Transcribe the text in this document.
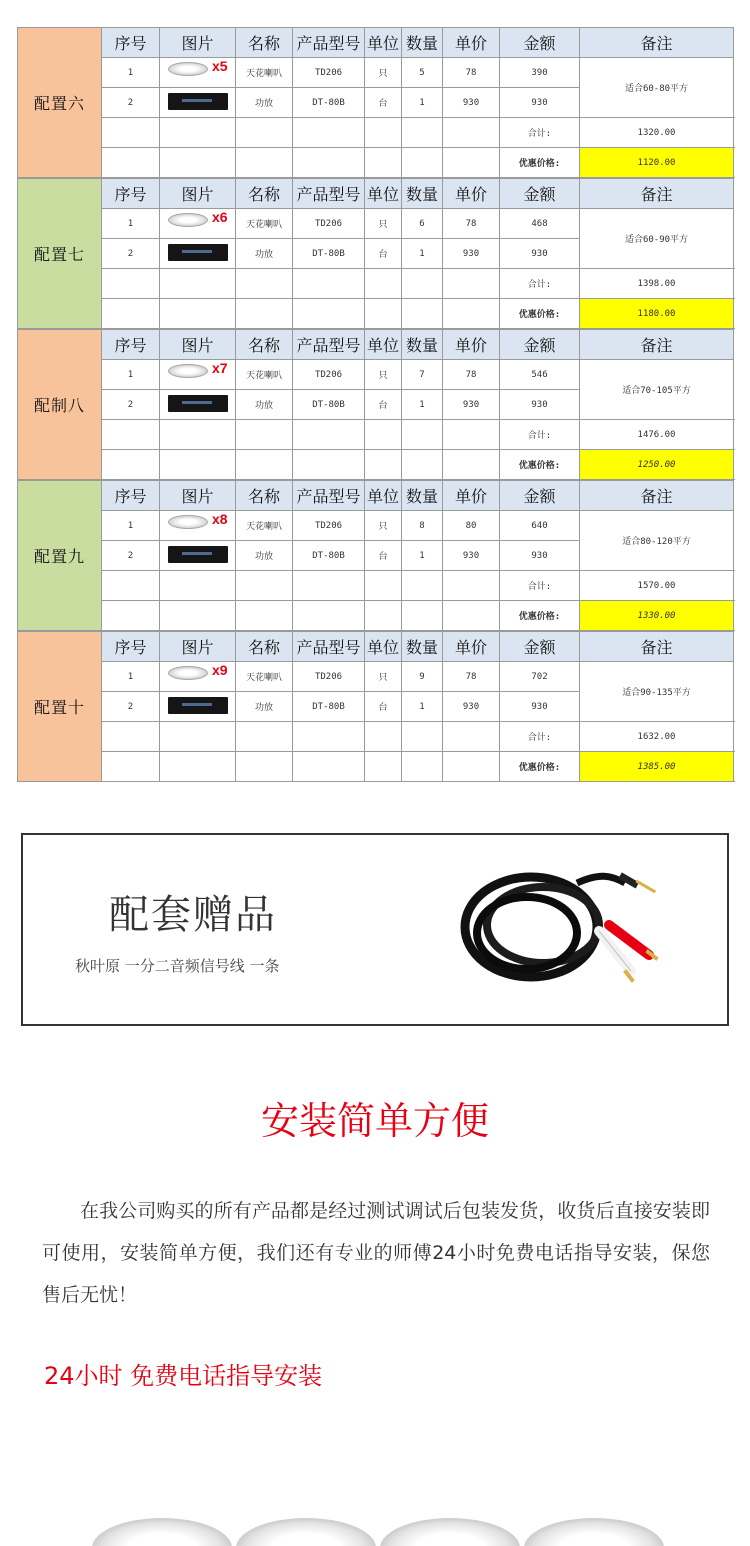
配置六	序号	图片	名称	产品型号	单位	数量	单价	金额	备注
	1	x5	天花喇叭	TD206	只	5	78	390	适合60-80平方
	2		功放	DT-80B	台	1	930	930	
								合计:	1320.00
								优惠价格:	1120.00
配置七	序号	图片	名称	产品型号	单位	数量	单价	金额	备注
	1	x6	天花喇叭	TD206	只	6	78	468	适合60-90平方
	2		功放	DT-80B	台	1	930	930	
								合计:	1398.00
								优惠价格:	1180.00
配制八	序号	图片	名称	产品型号	单位	数量	单价	金额	备注
	1	x7	天花喇叭	TD206	只	7	78	546	适合70-105平方
	2		功放	DT-80B	台	1	930	930	
								合计:	1476.00
								优惠价格:	1250.00
配置九	序号	图片	名称	产品型号	单位	数量	单价	金额	备注
	1	x8	天花喇叭	TD206	只	8	80	640	适合80-120平方
	2		功放	DT-80B	台	1	930	930	
								合计:	1570.00
								优惠价格:	1330.00
配置十	序号	图片	名称	产品型号	单位	数量	单价	金额	备注
	1	x9	天花喇叭	TD206	只	9	78	702	适合90-135平方
	2		功放	DT-80B	台	1	930	930	
								合计:	1632.00
								优惠价格:	1385.00
配套赠品
秋叶原 一分二音频信号线 一条
安装简单方便
在我公司购买的所有产品都是经过测试调试后包装发货，收货后直接安装即可使用，安装简单方便，我们还有专业的师傅24小时免费电话指导安装，保您售后无忧！
24小时 免费电话指导安装
